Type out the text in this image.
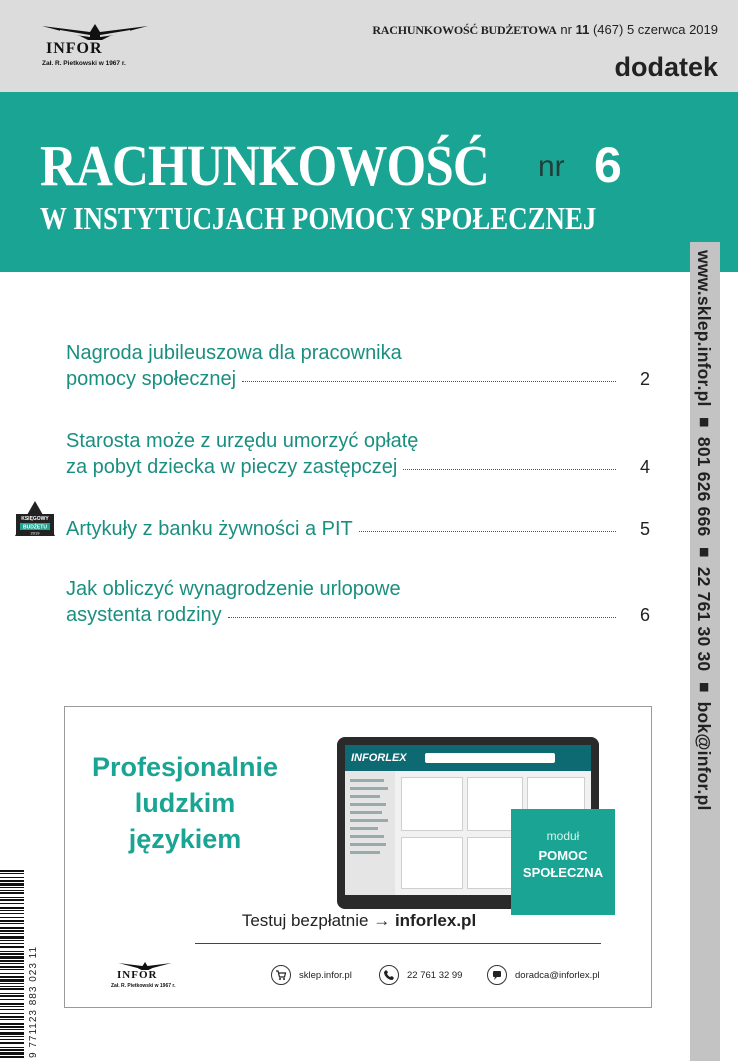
INFOR
Zał. R. Pietkowski w 1967 r.
RACHUNKOWOŚĆ BUDŻETOWA nr 11 (467) 5 czerwca 2019
dodatek
RACHUNKOWOŚĆ nr 6
W INSTYTUCJACH POMOCY SPOŁECZNEJ
www.sklep.infor.pl ■ 801 626 666 ■ 22 761 30 30 ■ bok@infor.pl
Nagroda jubileuszowa dla pracownika
pomocy społecznej	2
Starosta może z urzędu umorzyć opłatę
za pobyt dziecka w pieczy zastępczej	4
Artykuły z banku żywności a PIT	5
Jak obliczyć wynagrodzenie urlopowe
asystenta rodziny	6
KSIĘGOWY
BUDŻETU
2019
Profesjonalnie
ludzkim
językiem
INFORLEX
moduł
POMOC
SPOŁECZNA
Testuj bezpłatnie → inforlex.pl
INFOR
Zał. R. Pietkowski w 1967 r.
sklep.infor.pl	22 761 32 99	doradca@inforlex.pl
9 771123 883 023 11
